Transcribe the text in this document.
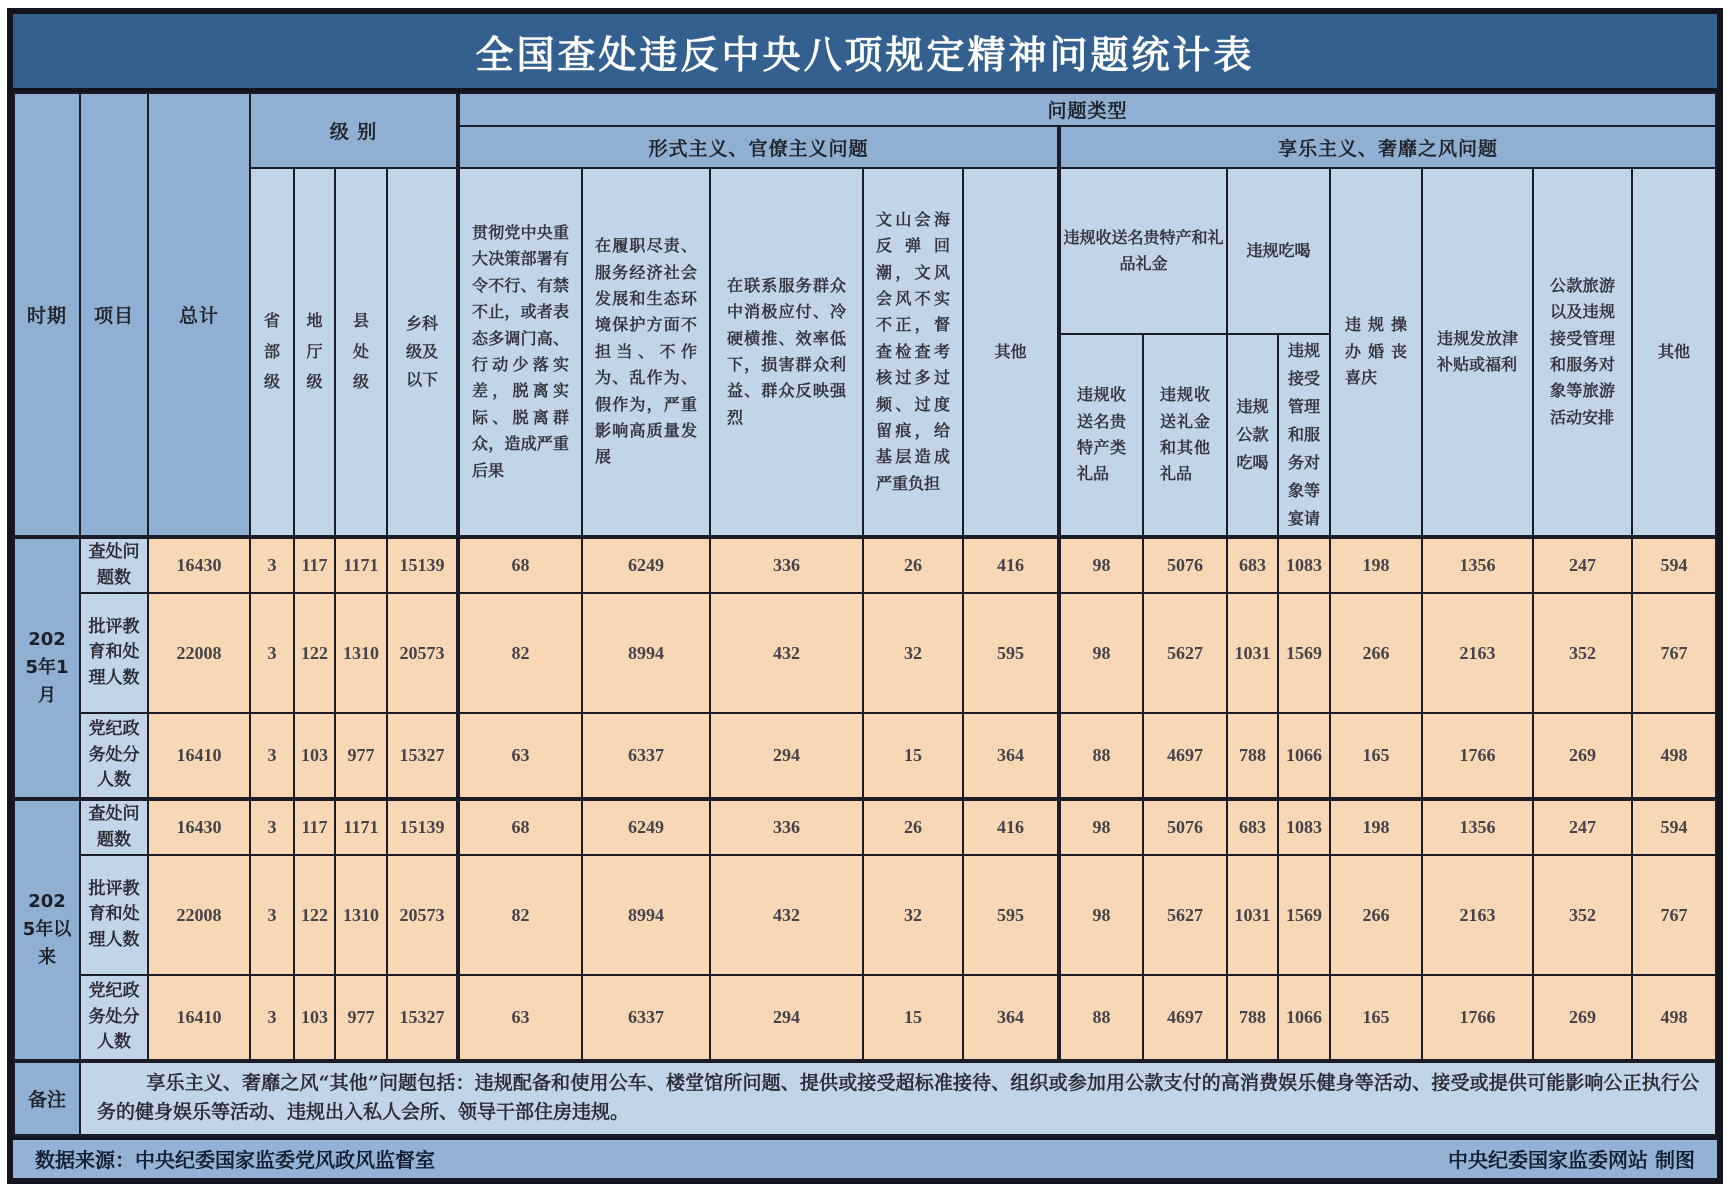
全国查处违反中央八项规定精神问题统计表
时期	项目	总计	级 别				问题类型												
							形式主义、官僚主义问题					享乐主义、奢靡之风问题							
			省部级	地厅级	县处级	乡科级及以下	贯彻党中央重大决策部署有令不行、有禁不止，或者表态多调门高、行动少落实差，脱离实际、脱离群众，造成严重后果	在履职尽责、服务经济社会发展和生态环境保护方面不担当、不作为、乱作为、假作为，严重影响高质量发展	在联系服务群众中消极应付、冷硬横推、效率低下，损害群众利益、群众反映强烈	文山会海反弹回潮，文风会风不实不正，督查检查考核过多过频、过度留痕，给基层造成严重负担	其他	违规收送名贵特产和礼品礼金		违规吃喝		违规操办婚丧喜庆	违规发放津补贴或福利	公款旅游以及违规接受管理和服务对象等旅游活动安排	其他
												违规收送名贵特产类礼品	违规收送礼金和其他礼品	违规公款吃喝	违规接受管理和服务对象等宴请				
2025年1月	查处问题数	16430	3	117	1171	15139	68	6249	336	26	416	98	5076	683	1083	198	1356	247	594
	批评教育和处理人数	22008	3	122	1310	20573	82	8994	432	32	595	98	5627	1031	1569	266	2163	352	767
	党纪政务处分人数	16410	3	103	977	15327	63	6337	294	15	364	88	4697	788	1066	165	1766	269	498
2025年以来	查处问题数	16430	3	117	1171	15139	68	6249	336	26	416	98	5076	683	1083	198	1356	247	594
	批评教育和处理人数	22008	3	122	1310	20573	82	8994	432	32	595	98	5627	1031	1569	266	2163	352	767
	党纪政务处分人数	16410	3	103	977	15327	63	6337	294	15	364	88	4697	788	1066	165	1766	269	498
备注	享乐主义、奢靡之风“其他”问题包括：违规配备和使用公车、楼堂馆所问题、提供或接受超标准接待、组织或参加用公款支付的高消费娱乐健身等活动、接受或提供可能影响公正执行公务的健身娱乐等活动、违规出入私人会所、领导干部住房违规。																		
数据来源：中央纪委国家监委党风政风监督室	中央纪委国家监委网站 制图
